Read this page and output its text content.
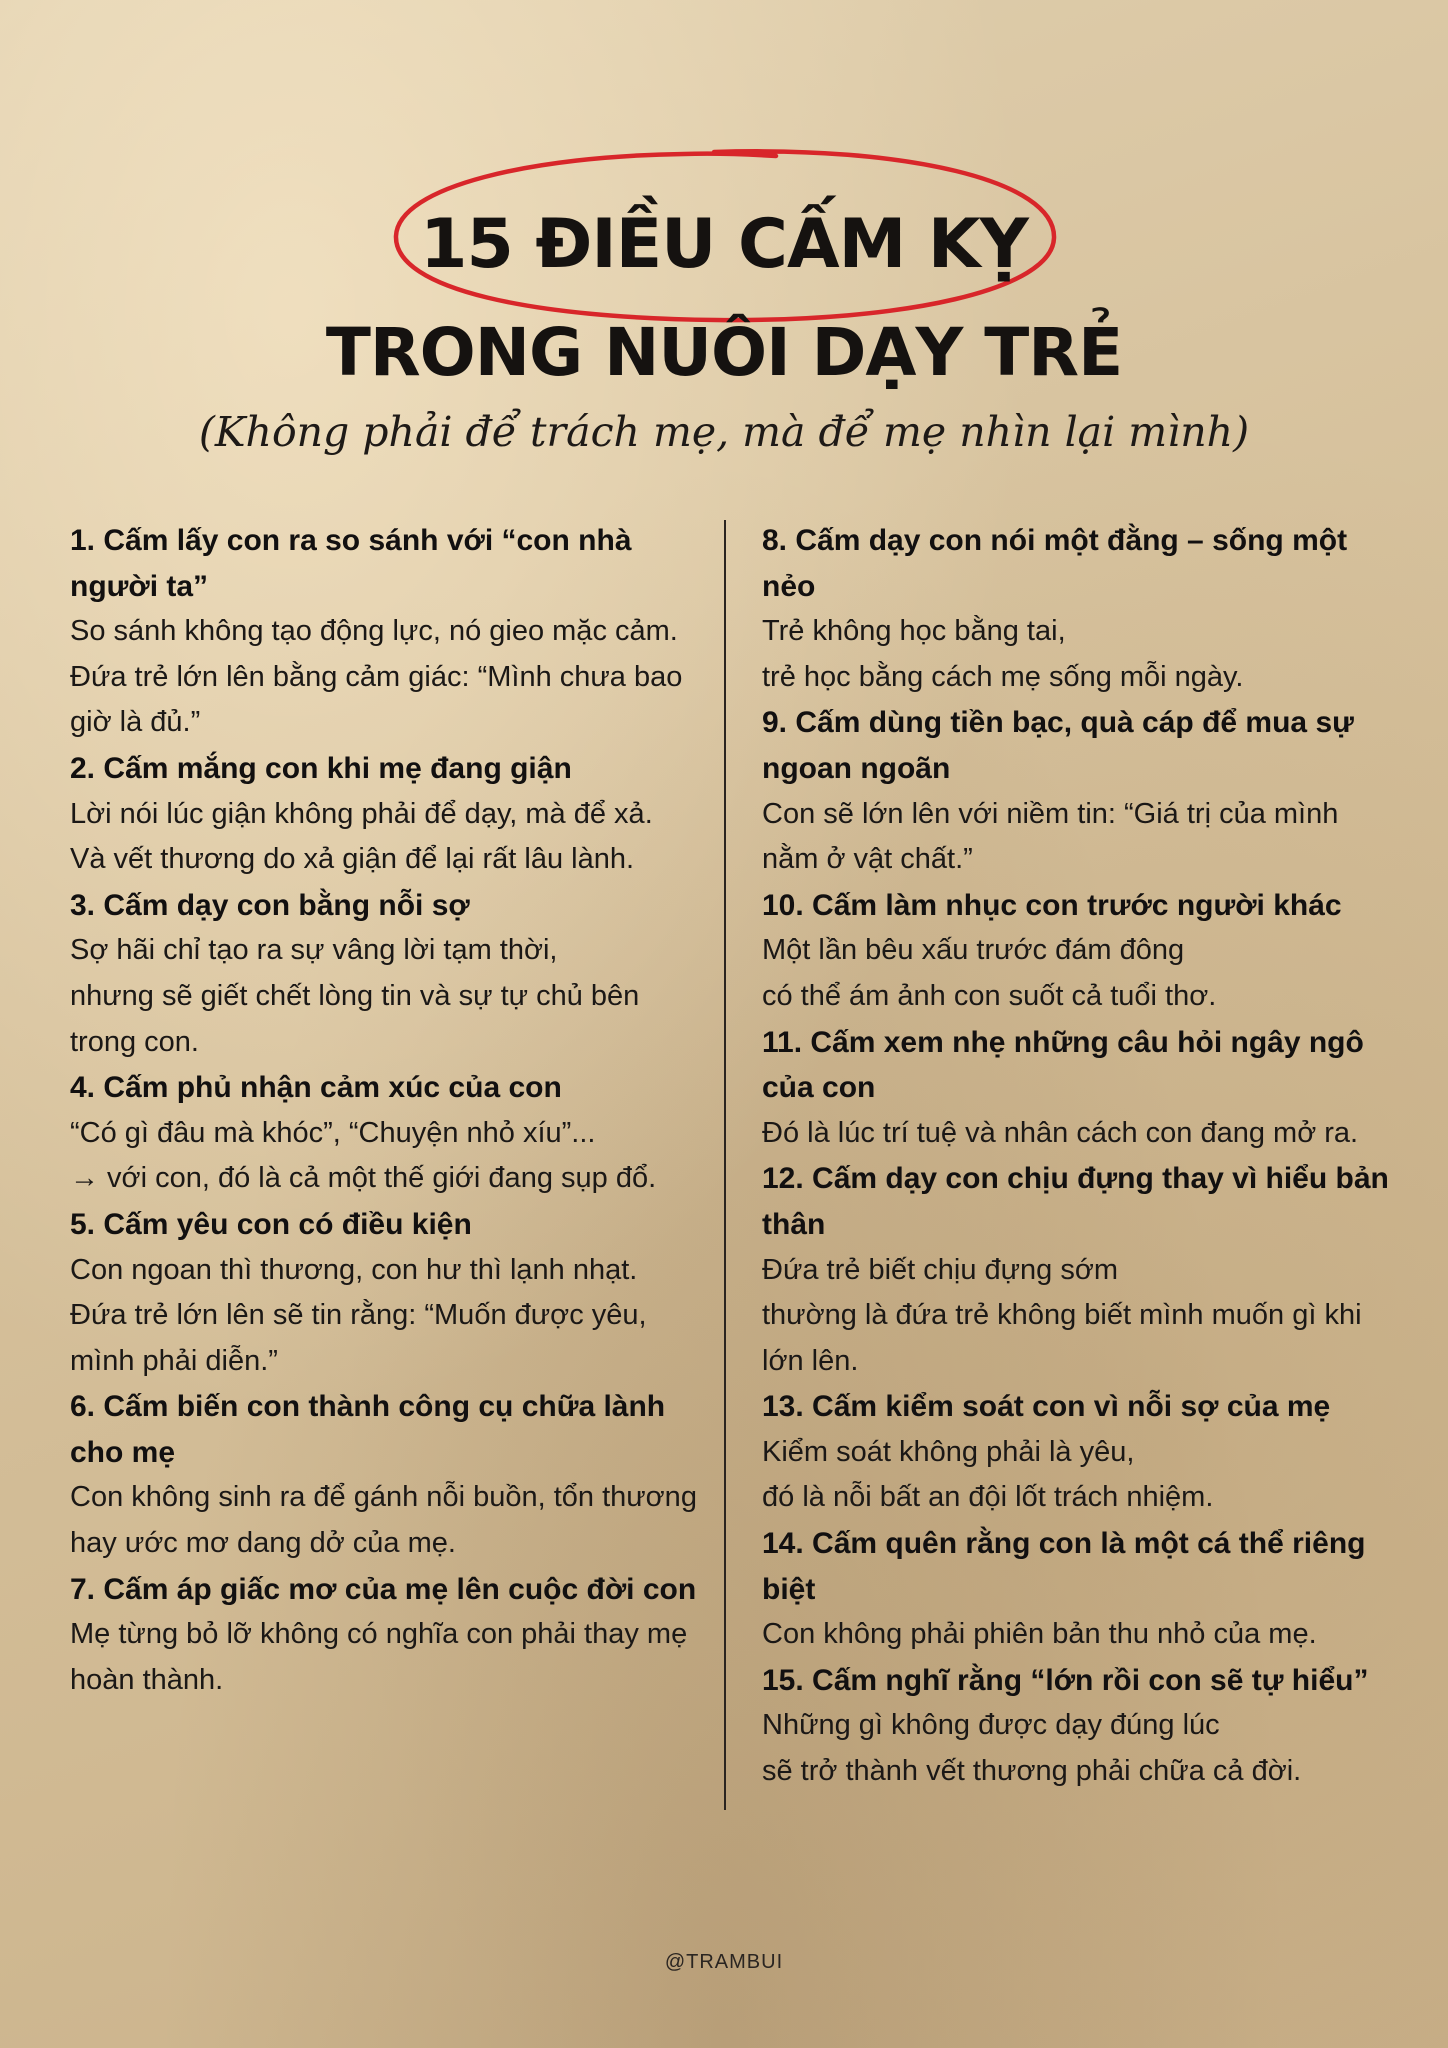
15 ĐIỀU CẤM KỴ
TRONG NUÔI DẠY TRẺ
(Không phải để trách mẹ, mà để mẹ nhìn lại mình)
1. Cấm lấy con ra so sánh với “con nhà người ta”
So sánh không tạo động lực, nó gieo mặc cảm.
Đứa trẻ lớn lên bằng cảm giác: “Mình chưa bao giờ là đủ.”
2. Cấm mắng con khi mẹ đang giận
Lời nói lúc giận không phải để dạy, mà để xả.
Và vết thương do xả giận để lại rất lâu lành.
3. Cấm dạy con bằng nỗi sợ
Sợ hãi chỉ tạo ra sự vâng lời tạm thời,
nhưng sẽ giết chết lòng tin và sự tự chủ bên trong con.
4. Cấm phủ nhận cảm xúc của con
“Có gì đâu mà khóc”, “Chuyện nhỏ xíu”...
→ với con, đó là cả một thế giới đang sụp đổ.
5. Cấm yêu con có điều kiện
Con ngoan thì thương, con hư thì lạnh nhạt.
Đứa trẻ lớn lên sẽ tin rằng: “Muốn được yêu, mình phải diễn.”
6. Cấm biến con thành công cụ chữa lành cho mẹ
Con không sinh ra để gánh nỗi buồn, tổn thương hay ước mơ dang dở của mẹ.
7. Cấm áp giấc mơ của mẹ lên cuộc đời con
Mẹ từng bỏ lỡ không có nghĩa con phải thay mẹ hoàn thành.
8. Cấm dạy con nói một đằng – sống một nẻo
Trẻ không học bằng tai,
trẻ học bằng cách mẹ sống mỗi ngày.
9. Cấm dùng tiền bạc, quà cáp để mua sự ngoan ngoãn
Con sẽ lớn lên với niềm tin: “Giá trị của mình nằm ở vật chất.”
10. Cấm làm nhục con trước người khác
Một lần bêu xấu trước đám đông
có thể ám ảnh con suốt cả tuổi thơ.
11. Cấm xem nhẹ những câu hỏi ngây ngô của con
Đó là lúc trí tuệ và nhân cách con đang mở ra.
12. Cấm dạy con chịu đựng thay vì hiểu bản thân
Đứa trẻ biết chịu đựng sớm
thường là đứa trẻ không biết mình muốn gì khi lớn lên.
13. Cấm kiểm soát con vì nỗi sợ của mẹ
Kiểm soát không phải là yêu,
đó là nỗi bất an đội lốt trách nhiệm.
14. Cấm quên rằng con là một cá thể riêng biệt
Con không phải phiên bản thu nhỏ của mẹ.
15. Cấm nghĩ rằng “lớn rồi con sẽ tự hiểu”
Những gì không được dạy đúng lúc
sẽ trở thành vết thương phải chữa cả đời.
@TRAMBUI
